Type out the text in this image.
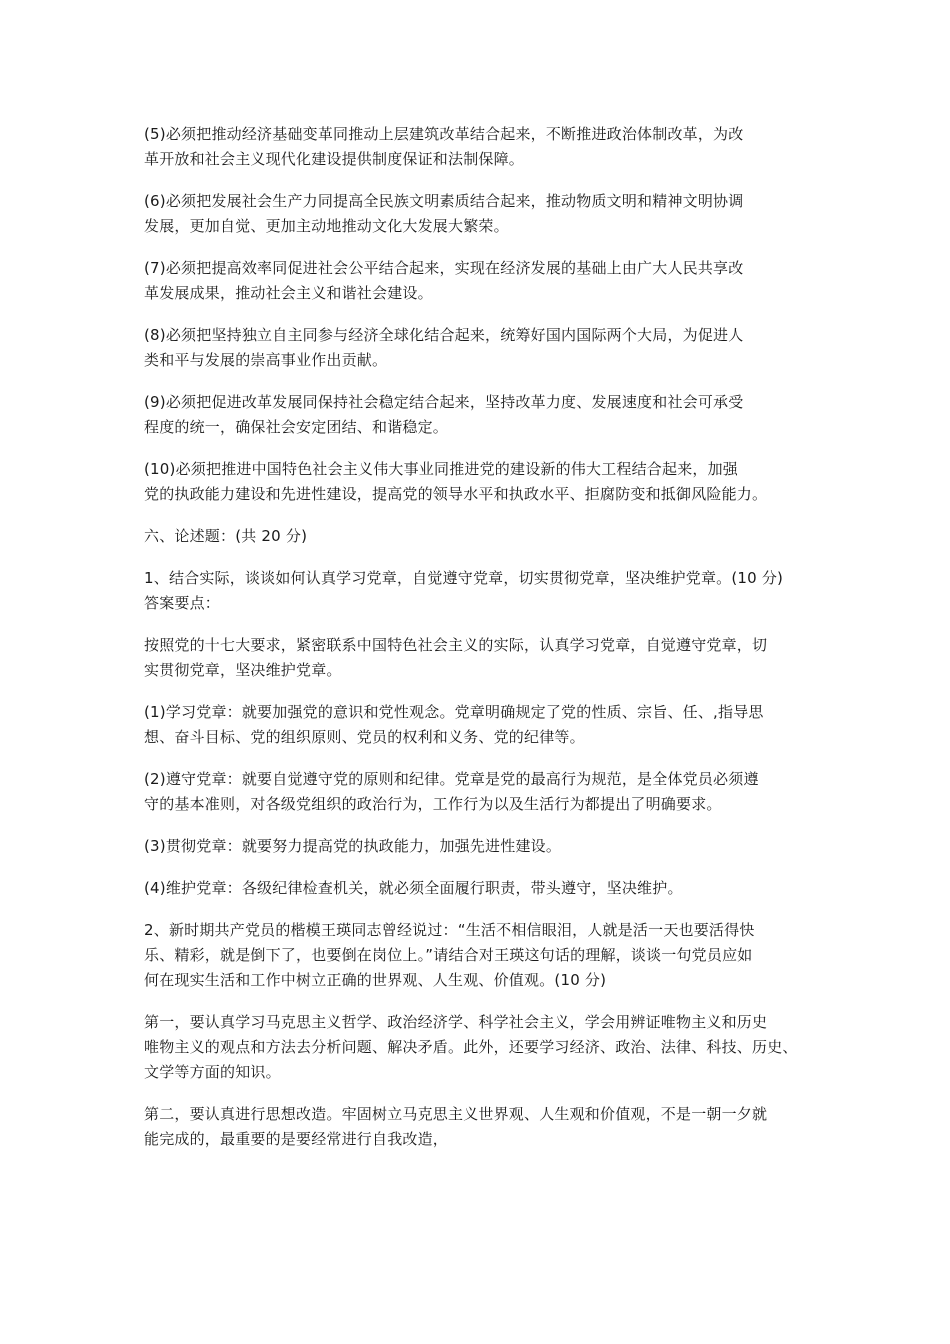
(5)必须把推动经济基础变革同推动上层建筑改革结合起来，不断推进政治体制改革，为改
革开放和社会主义现代化建设提供制度保证和法制保障。

(6)必须把发展社会生产力同提高全民族文明素质结合起来，推动物质文明和精神文明协调
发展，更加自觉、更加主动地推动文化大发展大繁荣。

(7)必须把提高效率同促进社会公平结合起来，实现在经济发展的基础上由广大人民共享改
革发展成果，推动社会主义和谐社会建设。

(8)必须把坚持独立自主同参与经济全球化结合起来，统筹好国内国际两个大局，为促进人
类和平与发展的崇高事业作出贡献。

(9)必须把促进改革发展同保持社会稳定结合起来，坚持改革力度、发展速度和社会可承受
程度的统一，确保社会安定团结、和谐稳定。

(10)必须把推进中国特色社会主义伟大事业同推进党的建设新的伟大工程结合起来，加强
党的执政能力建设和先进性建设，提高党的领导水平和执政水平、拒腐防变和抵御风险能力。

六、论述题：(共 20 分)

1、结合实际，谈谈如何认真学习党章，自觉遵守党章，切实贯彻党章，坚决维护党章。(10 分)
答案要点：

按照党的十七大要求，紧密联系中国特色社会主义的实际，认真学习党章，自觉遵守党章，切
实贯彻党章，坚决维护党章。

(1)学习党章：就要加强党的意识和党性观念。党章明确规定了党的性质、宗旨、任、,指导思
想、奋斗目标、党的组织原则、党员的权利和义务、党的纪律等。

(2)遵守党章：就要自觉遵守党的原则和纪律。党章是党的最高行为规范，是全体党员必须遵
守的基本准则，对各级党组织的政治行为，工作行为以及生活行为都提出了明确要求。

(3)贯彻党章：就要努力提高党的执政能力，加强先进性建设。

(4)维护党章：各级纪律检查机关，就必须全面履行职责，带头遵守，坚决维护。

2、新时期共产党员的楷模王瑛同志曾经说过：“生活不相信眼泪，人就是活一天也要活得快
乐、精彩，就是倒下了，也要倒在岗位上。”请结合对王瑛这句话的理解，谈谈一句党员应如
何在现实生活和工作中树立正确的世界观、人生观、价值观。(10 分)

第一，要认真学习马克思主义哲学、政治经济学、科学社会主义，学会用辨证唯物主义和历史
唯物主义的观点和方法去分析问题、解决矛盾。此外，还要学习经济、政治、法律、科技、历史、
文学等方面的知识。

第二，要认真进行思想改造。牢固树立马克思主义世界观、人生观和价值观，不是一朝一夕就
能完成的，最重要的是要经常进行自我改造，
